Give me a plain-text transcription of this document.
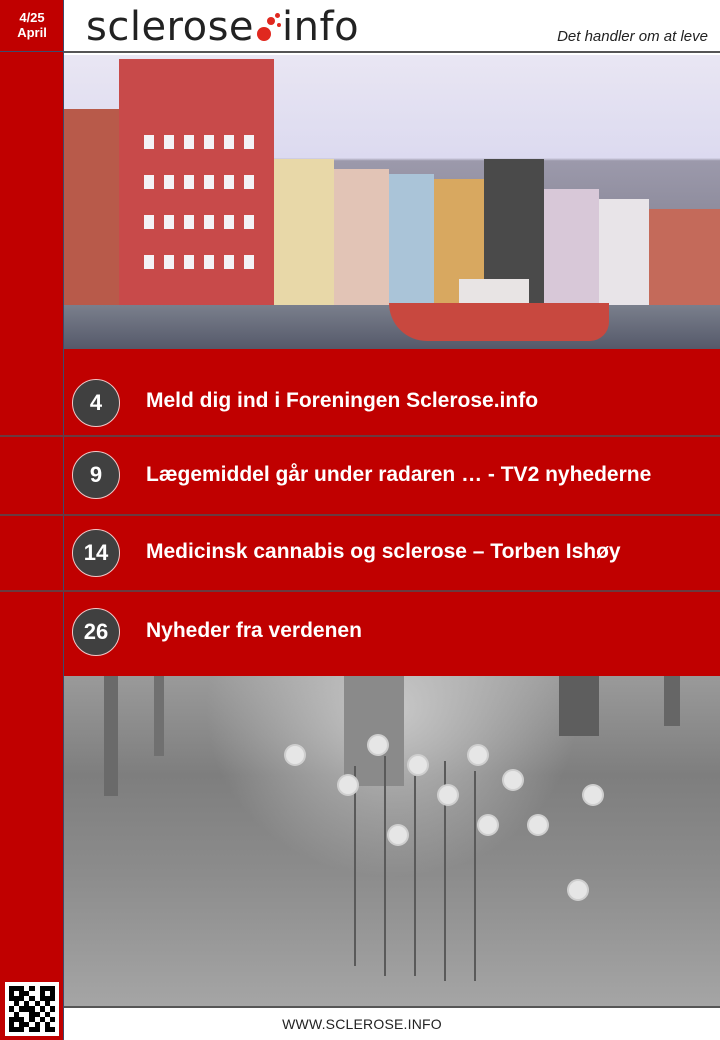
4/25
April sclerose info	Det handler om at leve
4	Meld dig ind i Foreningen Sclerose.info
9	Lægemiddel går under radaren … - TV2 nyhederne
14	Medicinsk cannabis og sclerose – Torben Ishøy
26	Nyheder fra verdenen
WWW.SCLEROSE.INFO
